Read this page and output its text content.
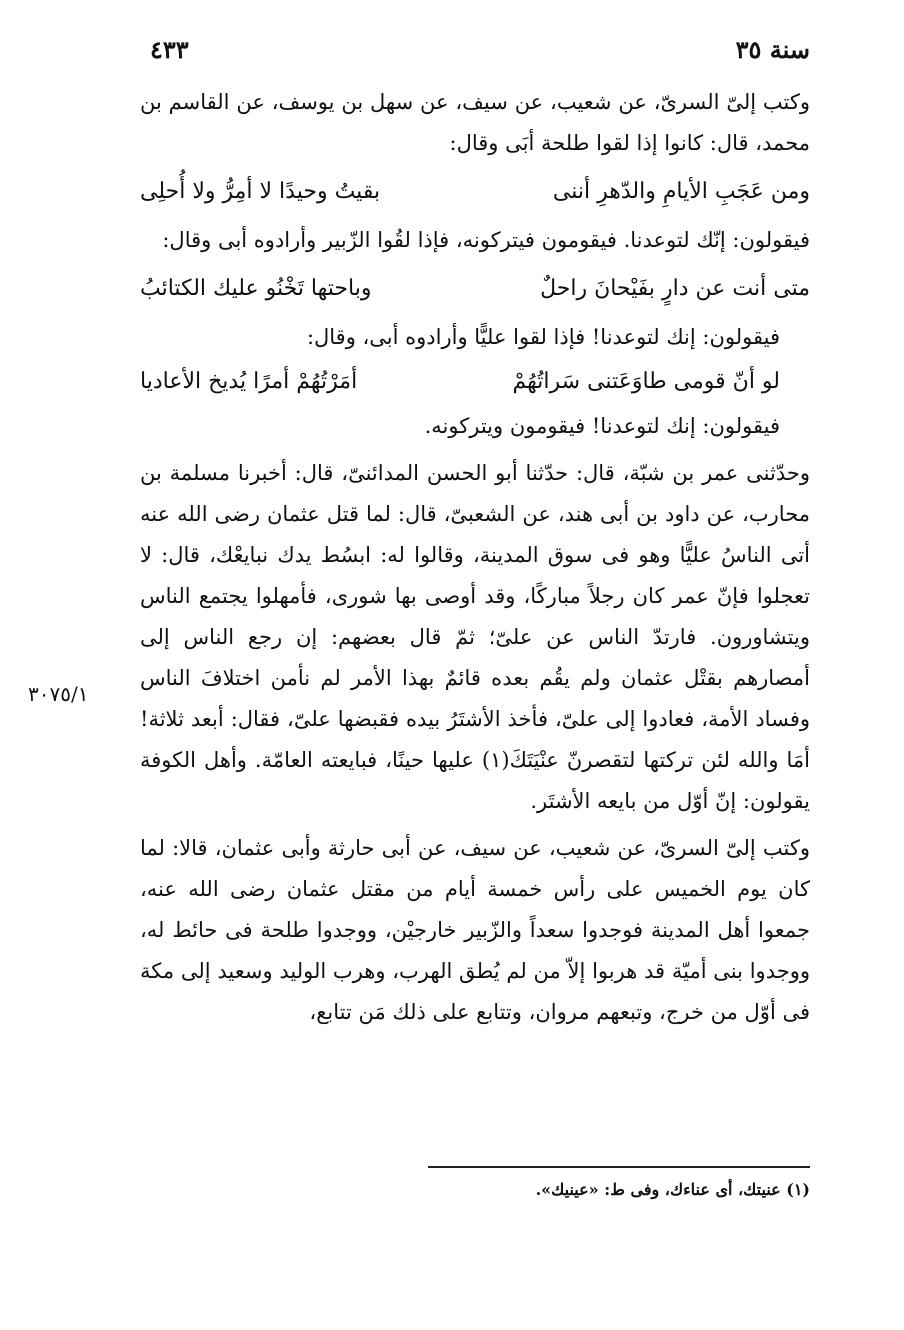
٤٣٣	سنة ٣٥

وكتب إلىّ السرىّ، عن شعيب، عن سيف، عن سهل بن يوسف، عن القاسم بن محمد، قال: كانوا إذا لقوا طلحة أبَى وقال:

ومن عَجَبِ الأيامِ والدّهرِ أننى
بقيتُ وحيدًا لا أمِرُّ ولا أُحلِى

فيقولون: إنّك لتوعدنا. فيقومون فيتركونه، فإذا لقُوا الزّبير وأرادوه أبى وقال:

متى أنت عن دارٍ بفَيْحانَ راحلٌ
وباحتها تَخْنُو عليك الكتائبُ

فيقولون: إنك لتوعدنا! فإذا لقوا عليًّا وأرادوه أبى، وقال:

لو أنّ قومى طاوَعَتنى سَراتُهُمْ
أمَرْتُهُمْ أمرًا يُديخ الأعاديا

فيقولون: إنك لتوعدنا! فيقومون ويتركونه.

وحدّثنى عمر بن شبّة، قال: حدّثنا أبو الحسن المدائنىّ، قال: أخبرنا مسلمة بن محارب، عن داود بن أبى هند، عن الشعبىّ، قال: لما قتل عثمان رضى الله عنه أتى الناسُ عليًّا وهو فى سوق المدينة، وقالوا له: ابسُط يدك نبايعْك، قال: لا تعجلوا فإنّ عمر كان رجلاً مباركًا، وقد أوصى بها شورى، فأمهلوا يجتمع الناس ويتشاورون. فارتدّ الناس عن علىّ؛ ثمّ قال بعضهم: إن رجع الناس إلى أمصارهم بقتْل عثمان ولم يقُم بعده قائمٌ بهذا الأمر لم نأمن اختلافَ الناس وفساد الأمة، فعادوا إلى علىّ، فأخذ الأشتَرُ بيده فقبضها علىّ، فقال: أبعد ثلاثة! أمَا والله لئن تركتها لتقصرنّ عنْيَتَكَ(١) عليها حينًا، فبايعته العامّة. وأهل الكوفة يقولون: إنّ أوّل من بايعه الأشتَر.

وكتب إلىّ السرىّ، عن شعيب، عن سيف، عن أبى حارثة وأبى عثمان، قالا: لما كان يوم الخميس على رأس خمسة أيام من مقتل عثمان رضى الله عنه، جمعوا أهل المدينة فوجدوا سعداً والزّبير خارجيْن، ووجدوا طلحة فى حائط له، ووجدوا بنى أميّة قد هربوا إلاّ من لم يُطق الهرب، وهرب الوليد وسعيد إلى مكة فى أوّل من خرج، وتبعهم مروان، وتتابع على ذلك مَن تتابع،

٣٠٧٥/١
(١) عنيتك، أى عناءك، وفى ط: «عينيك».
